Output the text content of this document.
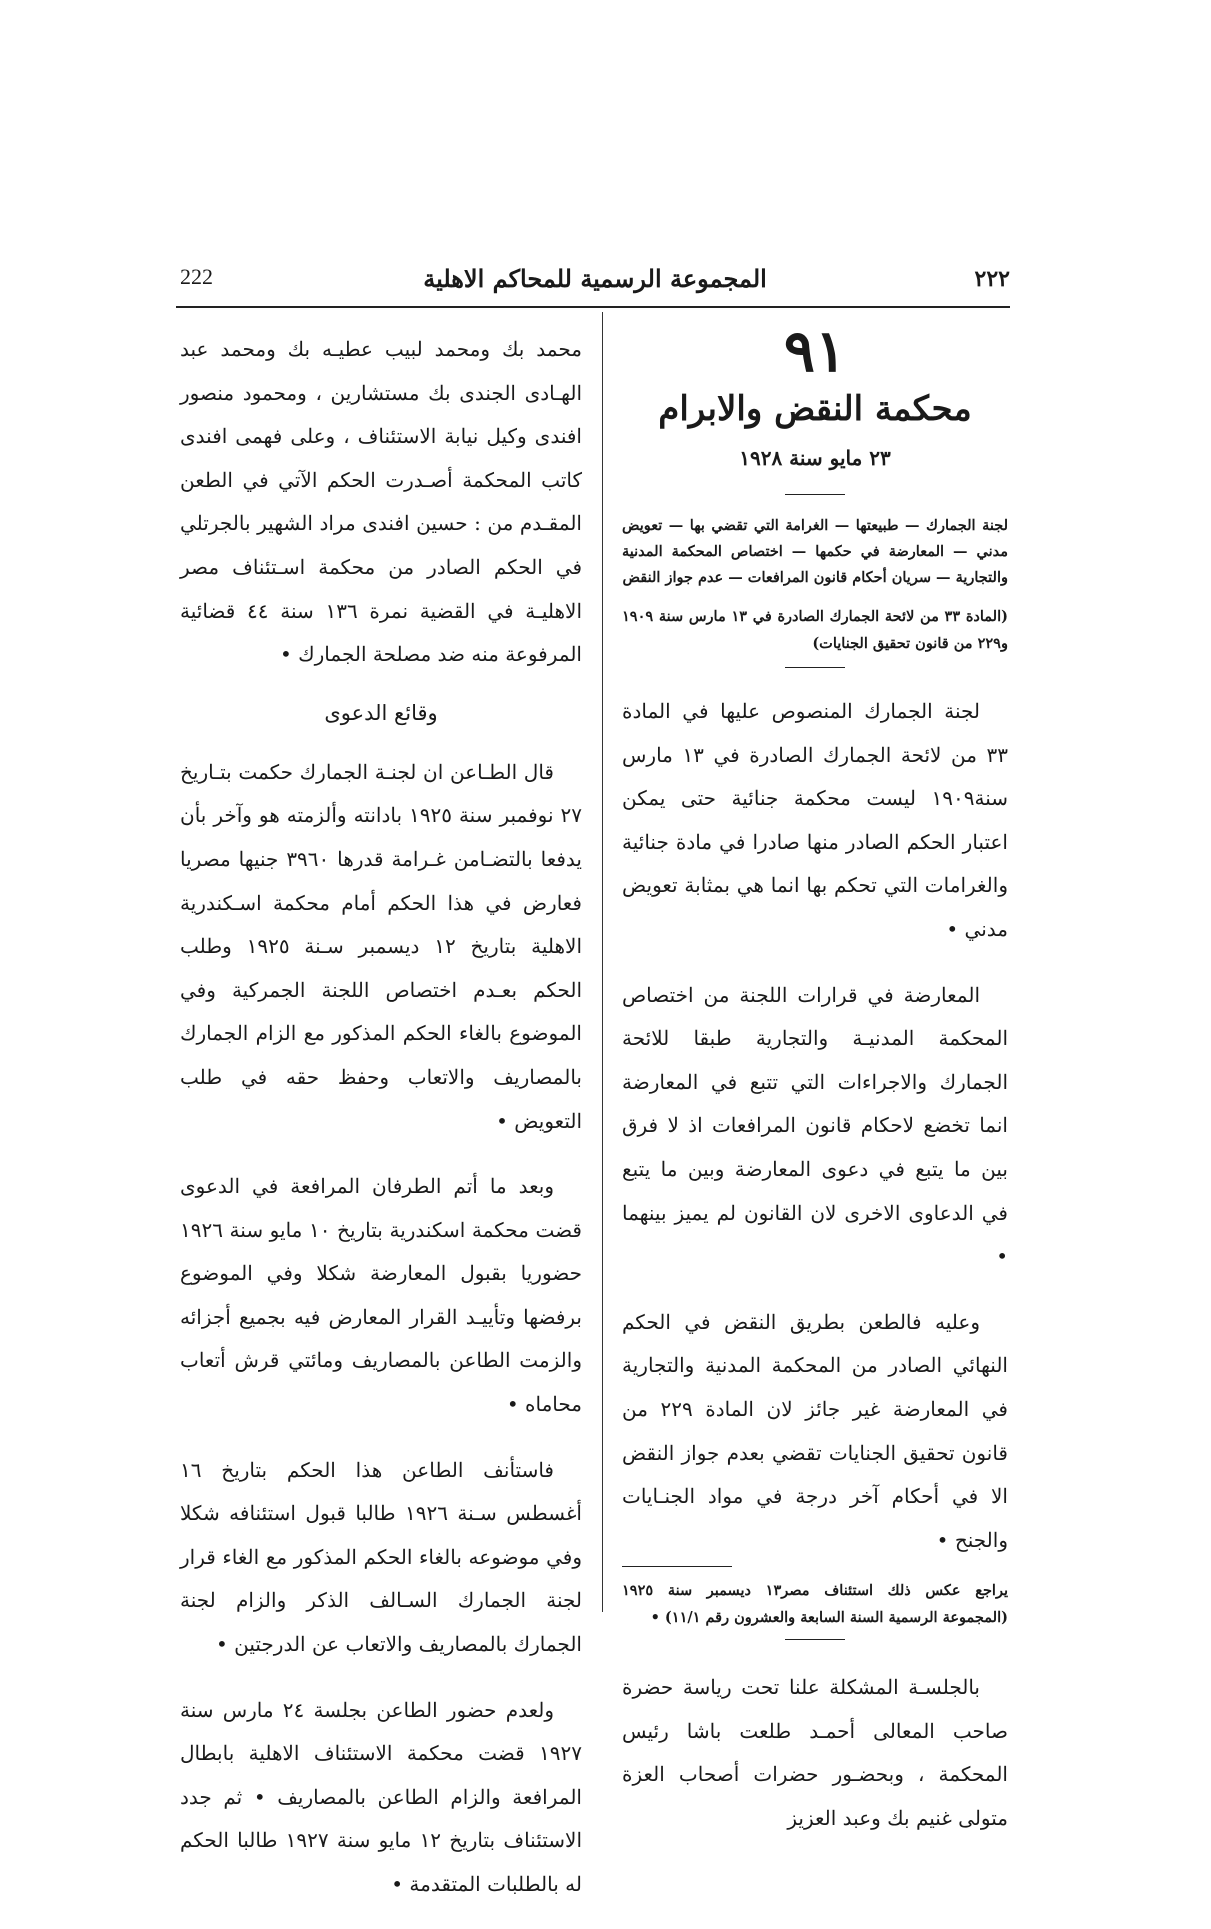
٢٢٢
المجموعة الرسمية للمحاكم الاهلية
222

٩١

محكمة النقض والابرام

٢٣ مايو سنة ١٩٢٨

لجنة الجمارك — طبيعتها — الغرامة التي تقضي بها — تعويض مدني — المعارضة في حكمها — اختصاص المحكمة المدنية والتجارية — سريان أحكام قانون المرافعات — عدم جواز النقض

(المادة ٣٣ من لائحة الجمارك الصادرة في ١٣ مارس سنة ١٩٠٩ و٢٢٩ من قانون تحقيق الجنايات)

لجنة الجمارك المنصوص عليها في المادة ٣٣ من لائحة الجمارك الصادرة في ١٣ مارس سنة١٩٠٩ ليست محكمة جنائية حتى يمكن اعتبار الحكم الصادر منها صادرا في مادة جنائية والغرامات التي تحكم بها انما هي بمثابة تعويض مدني •

المعارضة في قرارات اللجنة من اختصاص المحكمة المدنيـة والتجارية طبقا للائحة الجمارك والاجراءات التي تتبع في المعارضة انما تخضع لاحكام قانون المرافعات اذ لا فرق بين ما يتبع في دعوى المعارضة وبين ما يتبع في الدعاوى الاخرى لان القانون لم يميز بينهما •

وعليه فالطعن بطريق النقض في الحكم النهائي الصادر من المحكمة المدنية والتجارية في المعارضة غير جائز لان المادة ٢٢٩ من قانون تحقيق الجنايات تقضي بعدم جواز النقض الا في أحكام آخر درجة في مواد الجنـايات والجنح •

يراجع عكس ذلك استئناف مصر١٣ ديسمبر سنة ١٩٢٥ (المجموعة الرسمية السنة السابعة والعشرون رقم ١١/١) •

بالجلسـة المشكلة علنا تحت رياسة حضرة صاحب المعالى أحمـد طلعت باشا رئيس المحكمة ، وبحضـور حضرات أصحاب العزة متولى غنيم بك وعبد العزيز

محمد بك ومحمد لبيب عطيـه بك ومحمد عبد الهـادى الجندى بك مستشارين ، ومحمود منصور افندى وكيل نيابة الاستئناف ، وعلى فهمى افندى كاتب المحكمة أصـدرت الحكم الآتي في الطعن المقـدم من : حسين افندى مراد الشهير بالجرتلي في الحكم الصادر من محكمة اسـتئناف مصر الاهليـة في القضية نمرة ١٣٦ سنة ٤٤ قضائية المرفوعة منه ضد مصلحة الجمارك •

وقائع الدعوى

قال الطـاعن ان لجنـة الجمارك حكمت بتـاريخ ٢٧ نوفمبر سنة ١٩٢٥ بادانته وألزمته هو وآخر بأن يدفعا بالتضـامن غـرامة قدرها ٣٩٦٠ جنيها مصريا فعارض في هذا الحكم أمام محكمة اسـكندرية الاهلية بتاريخ ١٢ ديسمبر سـنة ١٩٢٥ وطلب الحكم بعـدم اختصاص اللجنة الجمركية وفي الموضوع بالغاء الحكم المذكور مع الزام الجمارك بالمصاريف والاتعاب وحفظ حقه في طلب التعويض •

وبعد ما أتم الطرفان المرافعة في الدعوى قضت محكمة اسكندرية بتاريخ ١٠ مايو سنة ١٩٢٦ حضوريا بقبول المعارضة شكلا وفي الموضوع برفضها وتأييـد القرار المعارض فيه بجميع أجزائه والزمت الطاعن بالمصاريف ومائتي قرش أتعاب محاماه •

فاستأنف الطاعن هذا الحكم بتاريخ ١٦ أغسطس سـنة ١٩٢٦ طالبا قبول استئنافه شكلا وفي موضوعه بالغاء الحكم المذكور مع الغاء قرار لجنة الجمارك السـالف الذكر والزام لجنة الجمارك بالمصاريف والاتعاب عن الدرجتين •

ولعدم حضور الطاعن بجلسة ٢٤ مارس سنة ١٩٢٧ قضت محكمة الاستئناف الاهلية بابطال المرافعة والزام الطاعن بالمصاريف • ثم جدد الاستئناف بتاريخ ١٢ مايو سنة ١٩٢٧ طالبا الحكم له بالطلبات المتقدمة •
